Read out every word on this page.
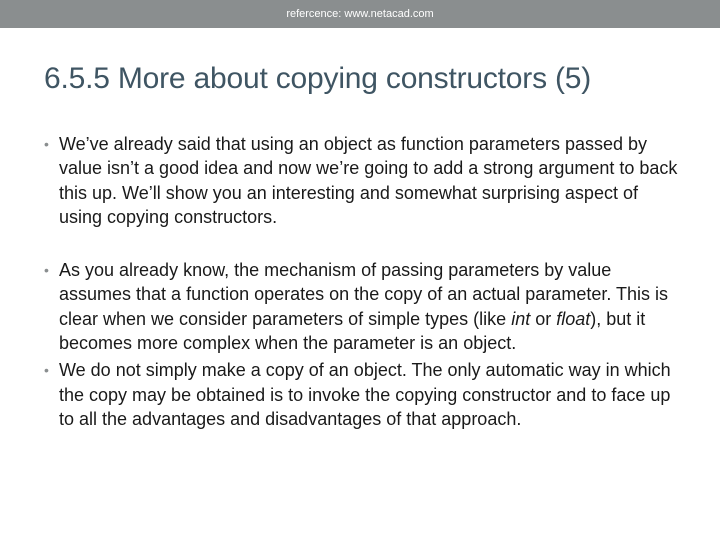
refercence: www.netacad.com
6.5.5 More about copying constructors (5)
• We’ve already said that using an object as function parameters passed by value isn’t a good idea and now we’re going to add a strong argument to back this up. We’ll show you an interesting and somewhat surprising aspect of using copying constructors.
• As you already know, the mechanism of passing parameters by value assumes that a function operates on the copy of an actual parameter. This is clear when we consider parameters of simple types (like int or float), but it becomes more complex when the parameter is an object.
• We do not simply make a copy of an object. The only automatic way in which the copy may be obtained is to invoke the copying constructor and to face up to all the advantages and disadvantages of that approach.
